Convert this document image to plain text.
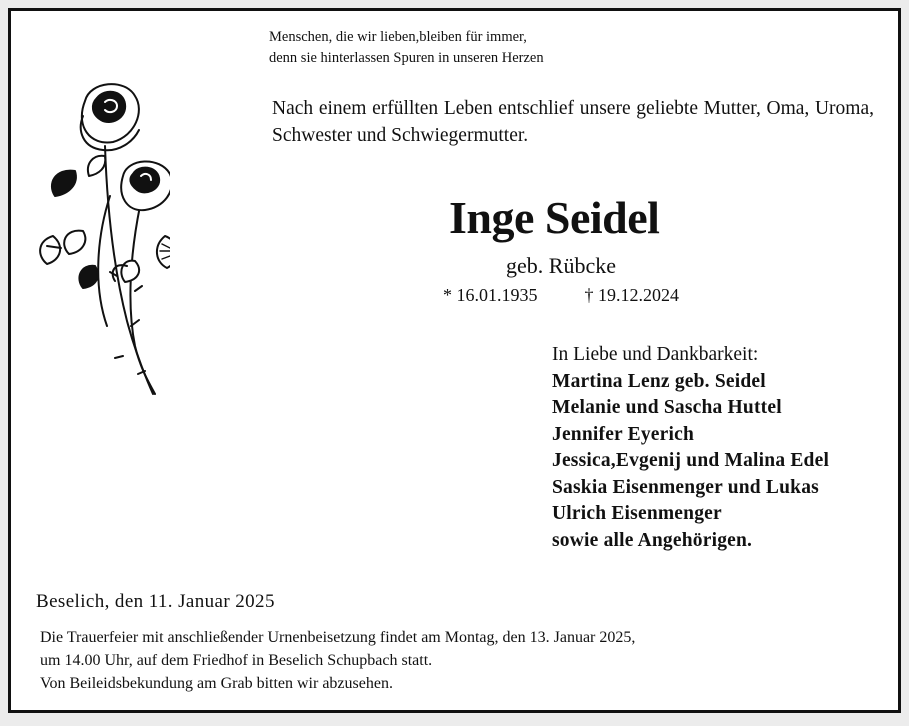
Menschen, die wir lieben,bleiben für immer,
denn sie hinterlassen Spuren in unseren Herzen
Nach einem erfüllten Leben entschlief unsere geliebte Mutter, Oma, Uroma, Schwester und Schwiegermutter.
Inge Seidel
geb. Rübcke
* 16.01.1935	† 19.12.2024
In Liebe und Dankbarkeit:
Martina Lenz geb. Seidel
Melanie und Sascha Huttel
Jennifer Eyerich
Jessica,Evgenij und Malina Edel
Saskia Eisenmenger und Lukas
Ulrich Eisenmenger
sowie alle Angehörigen.
Beselich, den 11. Januar 2025
Die Trauerfeier mit anschließender Urnenbeisetzung findet am Montag, den 13. Januar 2025,
um 14.00 Uhr, auf dem Friedhof in Beselich Schupbach statt.
Von Beileidsbekundung am Grab bitten wir abzusehen.
